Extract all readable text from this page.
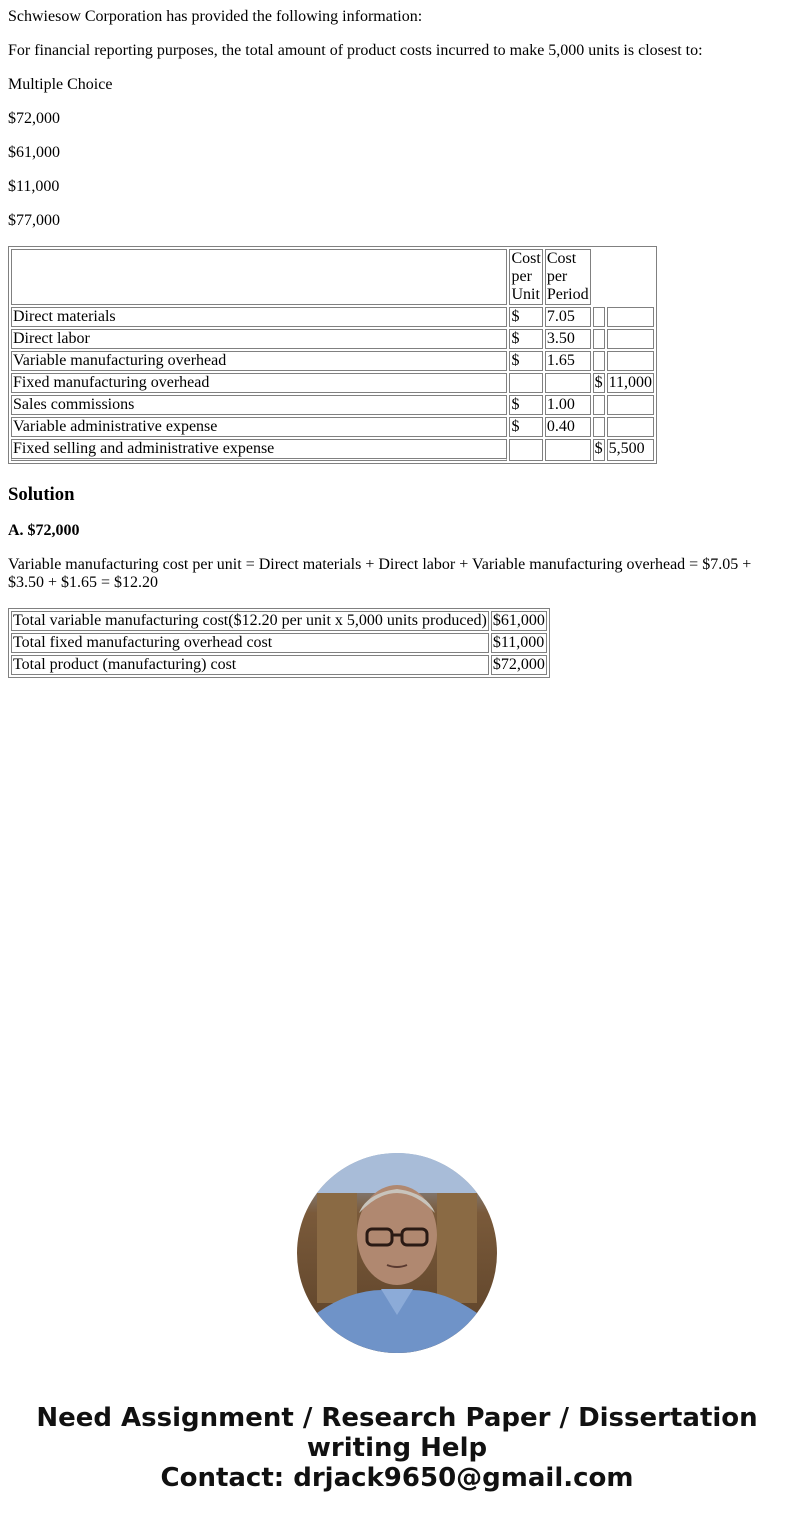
Schwiesow Corporation has provided the following information:

For financial reporting purposes, the total amount of product costs incurred to make 5,000 units is closest to:

Multiple Choice

$72,000

$61,000

$11,000

$77,000

	Cost per Unit	Cost per Period		
Direct materials	$	7.05		
Direct labor	$	3.50		
Variable manufacturing overhead	$	1.65		
Fixed manufacturing overhead			$	11,000
Sales commissions	$	1.00		
Variable administrative expense	$	0.40		
Fixed selling and administrative expense			$	5,500
Solution

A. $72,000

Variable manufacturing cost per unit = Direct materials + Direct labor + Variable manufacturing overhead = $7.05 + $3.50 + $1.65 = $12.20

Total variable manufacturing cost($12.20 per unit x 5,000 units produced)	$61,000
Total fixed manufacturing overhead cost	$11,000
Total product (manufacturing) cost	$72,000
Need Assignment / Research Paper / Dissertation
writing Help
Contact: drjack9650@gmail.com
